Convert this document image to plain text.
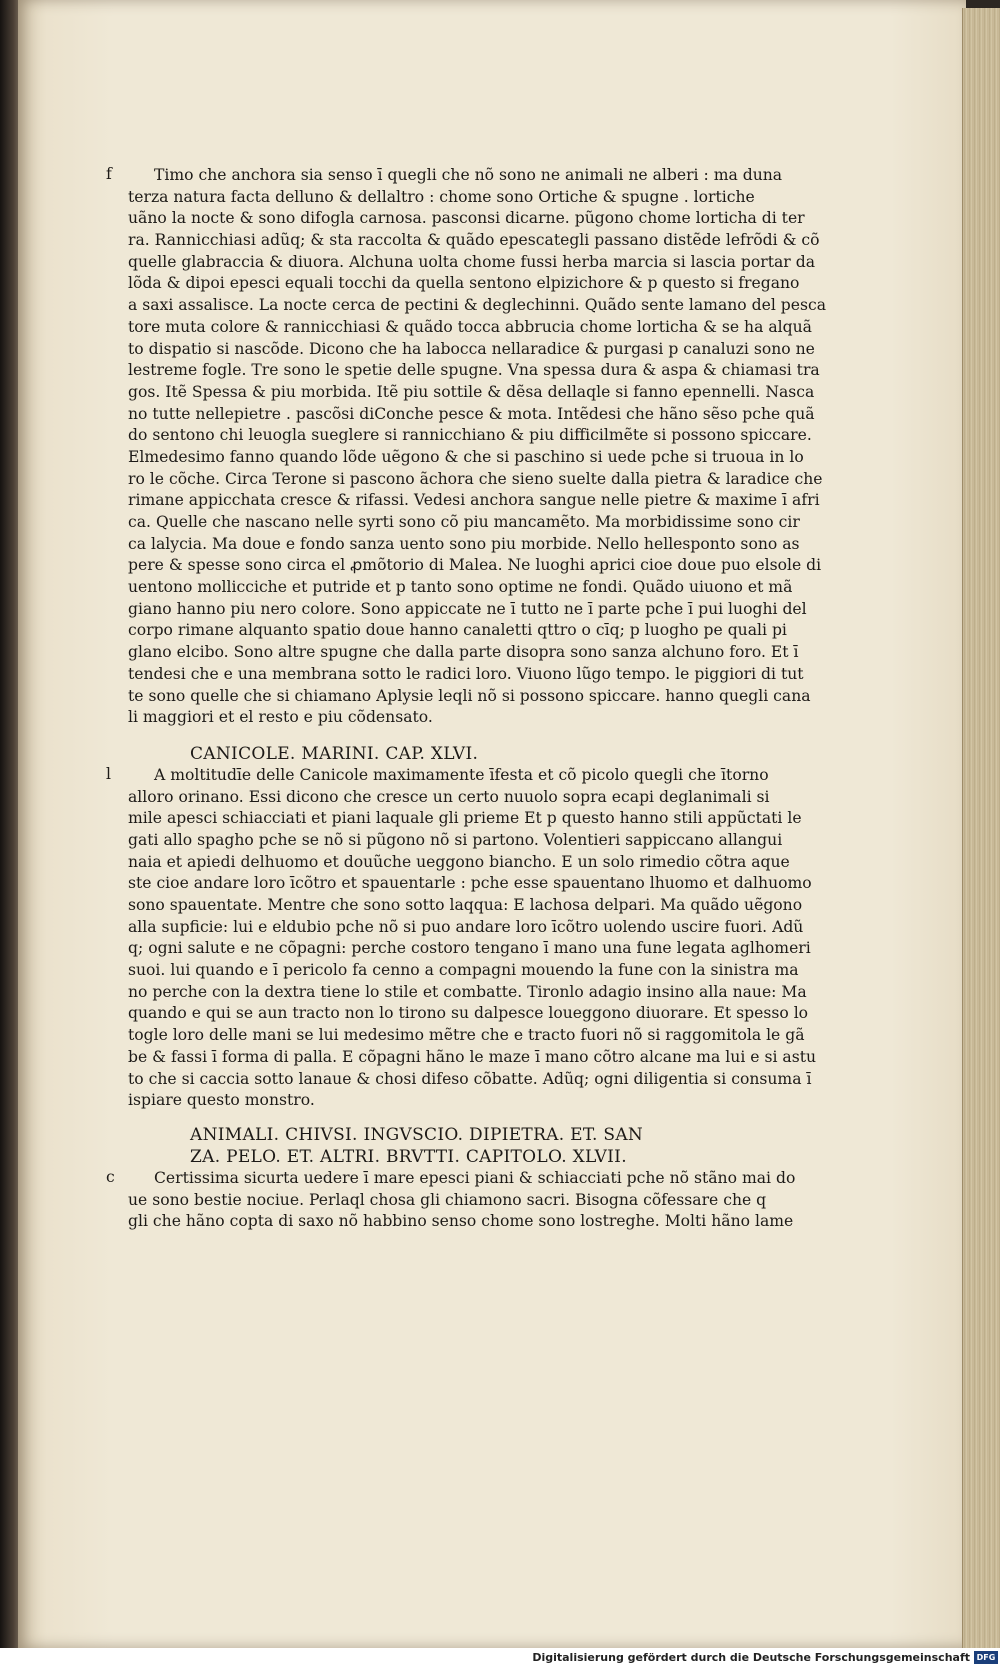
f	Timo che anchora sia senso ī quegli che nõ sono ne animali ne alberi : ma duna
terza natura facta delluno & dellaltro : chome sono Ortiche & spugne . lortiche
uãno la nocte & sono difogla carnosa. pasconsi dicarne. pũgono chome lorticha di ter
ra. Rannicchiasi adũq; & sta raccolta & quãdo epescategli passano distẽde lefrõdi & cõ
quelle glabraccia & diuora. Alchuna uolta chome fussi herba marcia si lascia portar da
lõda & dipoi epesci equali tocchi da quella sentono elpizichore & p questo si fregano
a saxi assalisce. La nocte cerca de pectini & deglechinni. Quãdo sente lamano del pesca
tore muta colore & rannicchiasi & quãdo tocca abbrucia chome lorticha & se ha alquã
to dispatio si nascõde. Dicono che ha labocca nellaradice & purgasi p canaluzi sono ne
lestreme fogle. Tre sono le spetie delle spugne. Vna spessa dura & aspa & chiamasi tra
gos. Itẽ Spessa & piu morbida. Itẽ piu sottile & dẽsa dellaqle si fanno epennelli. Nasca
no tutte nellepietre . pascõsi diConche pesce & mota. Intẽdesi che hãno sẽso pche quã
do sentono chi leuogla sueglere si rannicchiano & piu difficilmẽte si possono spiccare.
Elmedesimo fanno quando lõde uẽgono & che si paschino si uede pche si truoua in lo
ro le cõche. Circa Terone si pascono ãchora che sieno suelte dalla pietra & laradice che
rimane appicchata cresce & rifassi. Vedesi anchora sangue nelle pietre & maxime ī afri
ca. Quelle che nascano nelle syrti sono cõ piu mancamẽto. Ma morbidissime sono cir
ca lalycia. Ma doue e fondo sanza uento sono piu morbide. Nello hellesponto sono as
pere & spesse sono circa el ꝓmõtorio di Malea. Ne luoghi aprici cioe doue puo elsole di
uentono mollicciche et putride et p tanto sono optime ne fondi. Quãdo uiuono et mã
giano hanno piu nero colore. Sono appiccate ne ī tutto ne ī parte pche ī pui luoghi del
corpo rimane alquanto spatio doue hanno canaletti qttro o cīq; p luogho pe quali pi
glano elcibo. Sono altre spugne che dalla parte disopra sono sanza alchuno foro. Et ī
tendesi che e una membrana sotto le radici loro. Viuono lũgo tempo. le piggiori di tut
te sono quelle che si chiamano Aplysie leqli nõ si possono spiccare. hanno quegli cana
li maggiori et el resto e piu cõdensato.
CANICOLE. MARINI. CAP. XLVI.
l	A moltitudīe delle Canicole maximamente īfesta et cõ picolo quegli che ītorno
alloro orinano. Essi dicono che cresce un certo nuuolo sopra ecapi deglanimali si
mile apesci schiacciati et piani laquale gli prieme Et p questo hanno stili appũctati le
gati allo spagho pche se nõ si pũgono nõ si partono. Volentieri sappiccano allangui
naia et apiedi delhuomo et douũche ueggono biancho. E un solo rimedio cõtra aque
ste cioe andare loro īcõtro et spauentarle : pche esse spauentano lhuomo et dalhuomo
sono spauentate. Mentre che sono sotto laqqua: E lachosa delpari. Ma quãdo uẽgono
alla supficie: lui e eldubio pche nõ si puo andare loro īcõtro uolendo uscire fuori. Adũ
q; ogni salute e ne cõpagni: perche costoro tengano ī mano una fune legata aglhomeri
suoi. lui quando e ī pericolo fa cenno a compagni mouendo la fune con la sinistra ma
no perche con la dextra tiene lo stile et combatte. Tironlo adagio insino alla naue: Ma
quando e qui se aun tracto non lo tirono su dalpesce loueggono diuorare. Et spesso lo
togle loro delle mani se lui medesimo mẽtre che e tracto fuori nõ si raggomitola le gã
be & fassi ī forma di palla. E cõpagni hãno le maze ī mano cõtro alcane ma lui e si astu
to che si caccia sotto lanaue & chosi difeso cõbatte. Adũq; ogni diligentia si consuma ī
ispiare questo monstro.
ANIMALI. CHIVSI. INGVSCIO. DIPIETRA. ET. SAN
ZA. PELO. ET. ALTRI. BRVTTI. CAPITOLO. XLVII.
c	Certissima sicurta uedere ī mare epesci piani & schiacciati pche nõ stãno mai do
ue sono bestie nociue. Perlaql chosa gli chiamono sacri. Bisogna cõfessare che q
gli che hãno copta di saxo nõ habbino senso chome sono lostreghe. Molti hãno lame
Digitalisierung gefördert durch die Deutsche Forschungsgemeinschaft DFG
